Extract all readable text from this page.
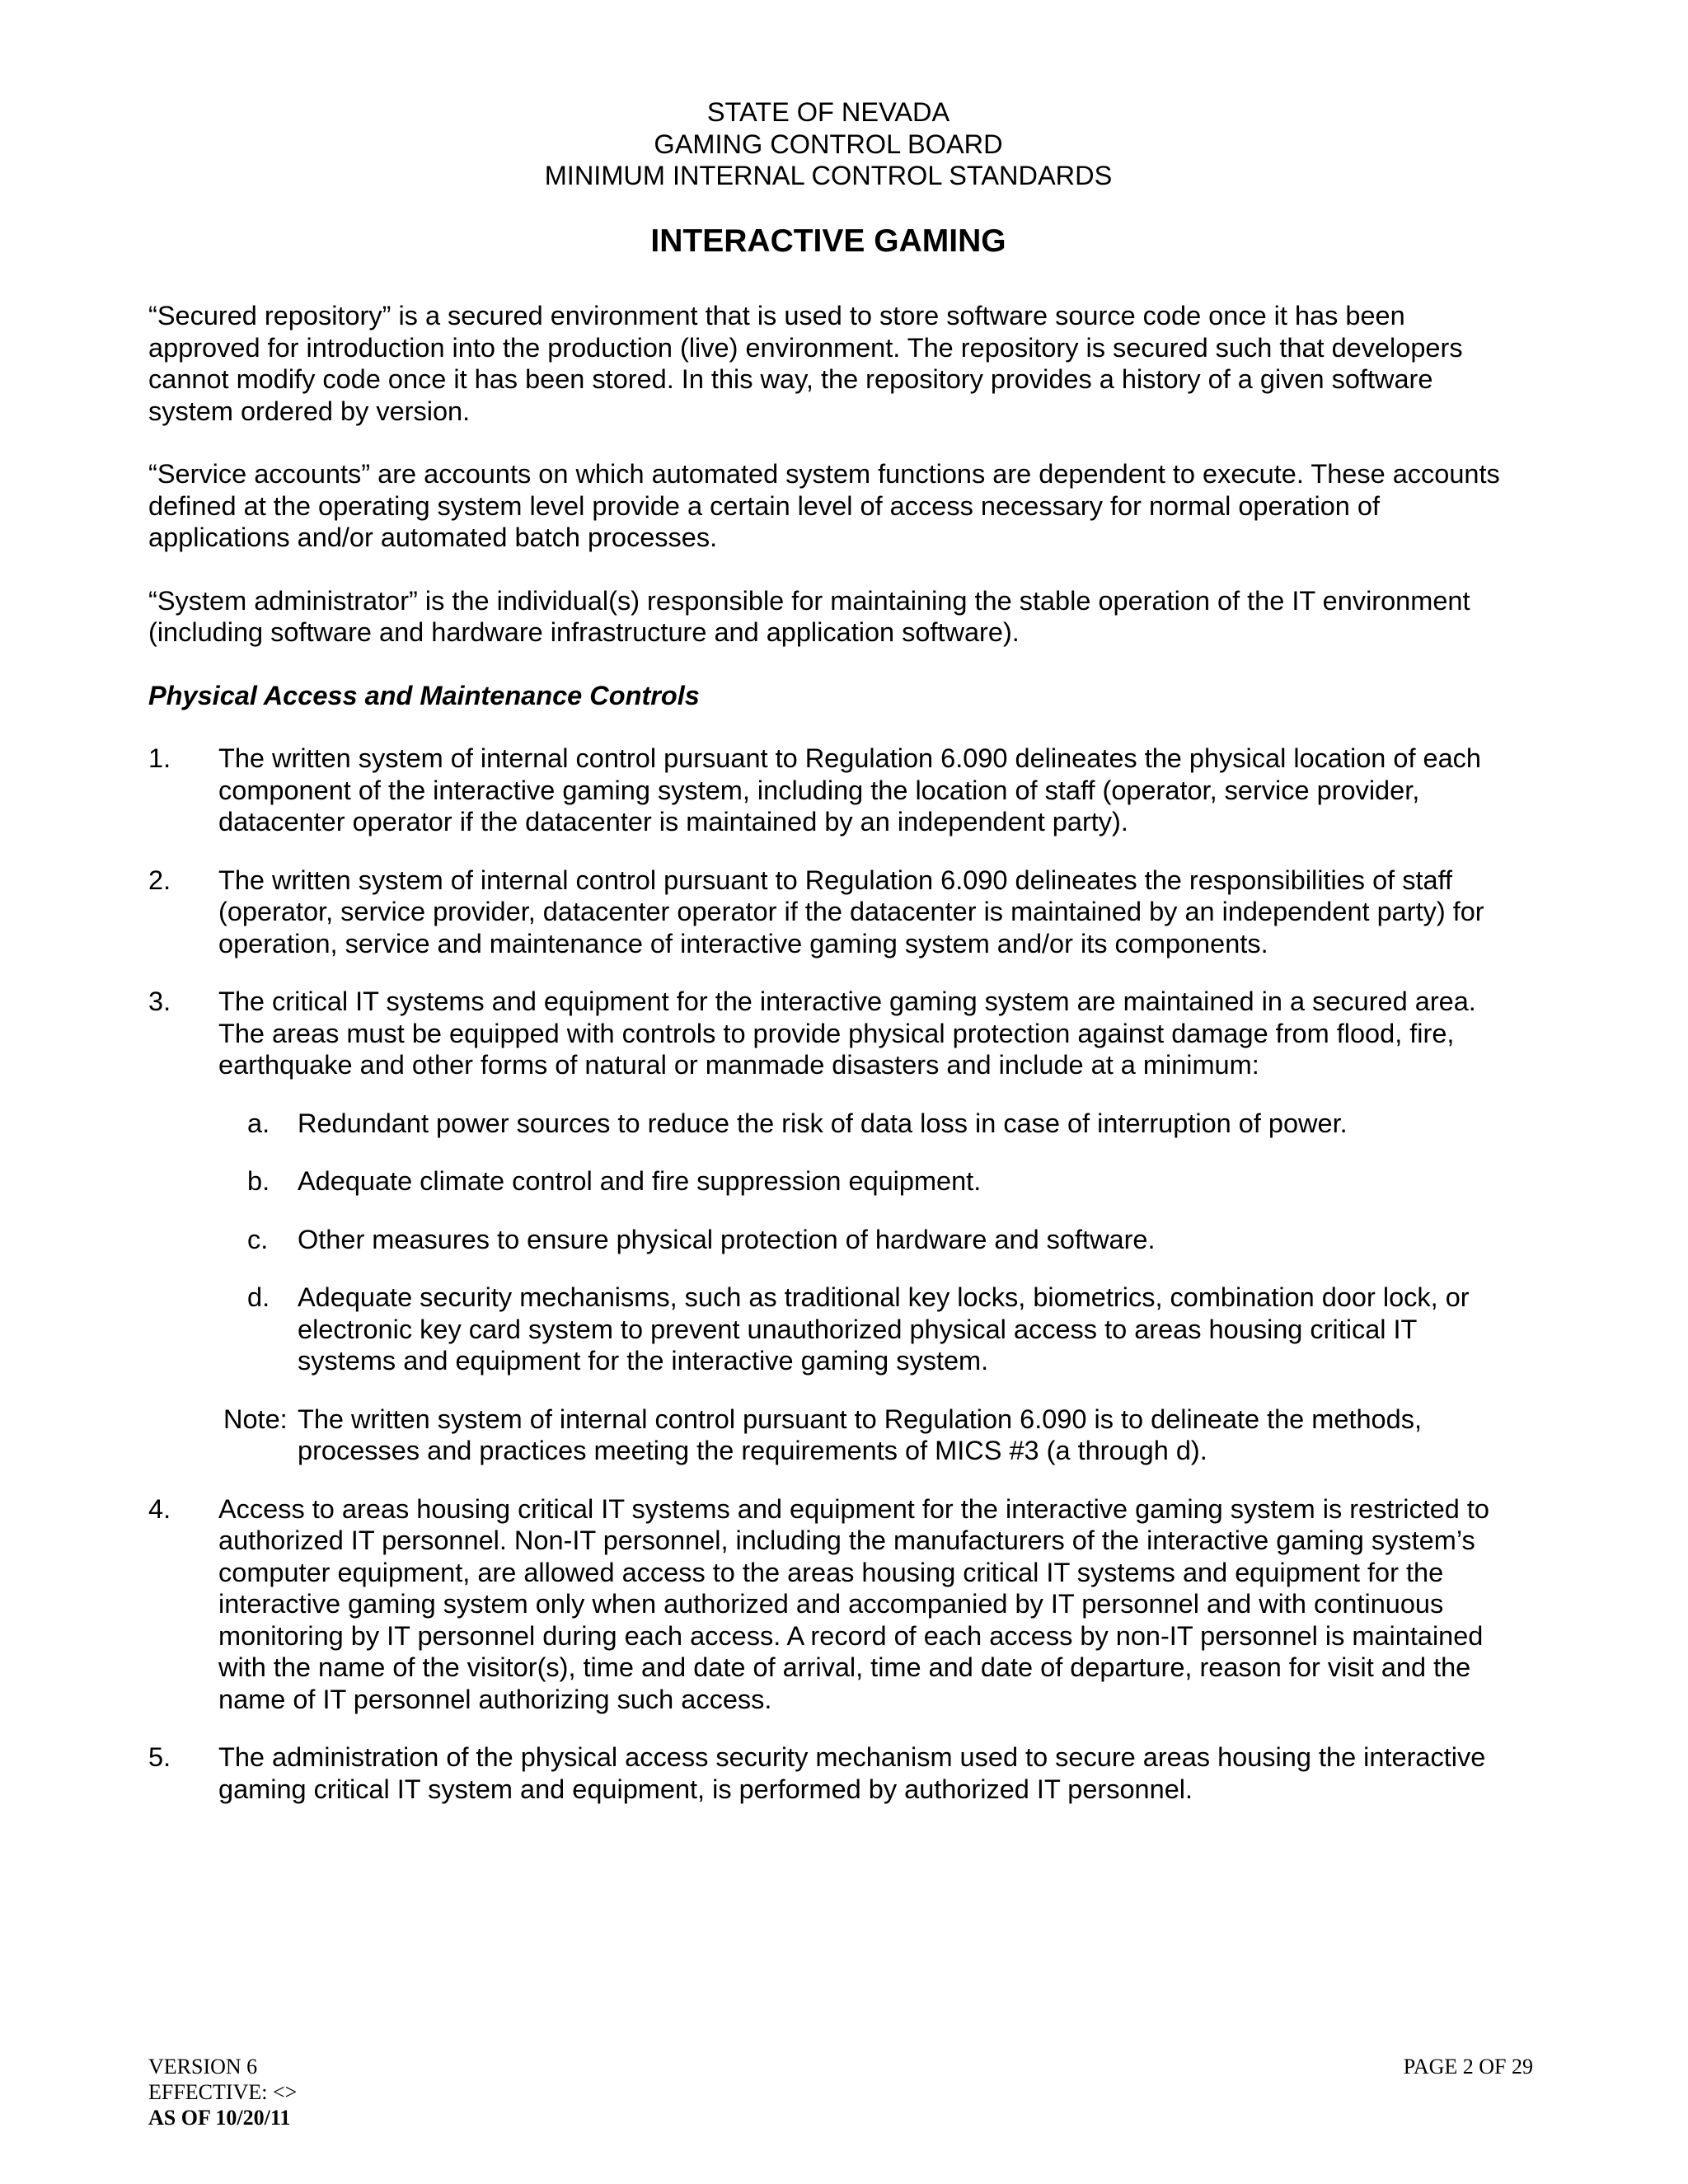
STATE OF NEVADA
GAMING CONTROL BOARD
MINIMUM INTERNAL CONTROL STANDARDS
INTERACTIVE GAMING

“Secured repository” is a secured environment that is used to store software source code once it has been approved for introduction into the production (live) environment. The repository is secured such that developers cannot modify code once it has been stored. In this way, the repository provides a history of a given software system ordered by version.

“Service accounts” are accounts on which automated system functions are dependent to execute. These accounts defined at the operating system level provide a certain level of access necessary for normal operation of applications and/or automated batch processes.

“System administrator” is the individual(s) responsible for maintaining the stable operation of the IT environment (including software and hardware infrastructure and application software).

Physical Access and Maintenance Controls

1. The written system of internal control pursuant to Regulation 6.090 delineates the physical location of each component of the interactive gaming system, including the location of staff (operator, service provider, datacenter operator if the datacenter is maintained by an independent party).
2. The written system of internal control pursuant to Regulation 6.090 delineates the responsibilities of staff (operator, service provider, datacenter operator if the datacenter is maintained by an independent party) for operation, service and maintenance of interactive gaming system and/or its components.
3. The critical IT systems and equipment for the interactive gaming system are maintained in a secured area. The areas must be equipped with controls to provide physical protection against damage from flood, fire, earthquake and other forms of natural or manmade disasters and include at a minimum:
a. Redundant power sources to reduce the risk of data loss in case of interruption of power.
b. Adequate climate control and fire suppression equipment.
c. Other measures to ensure physical protection of hardware and software.
d. Adequate security mechanisms, such as traditional key locks, biometrics, combination door lock, or electronic key card system to prevent unauthorized physical access to areas housing critical IT systems and equipment for the interactive gaming system.
Note: The written system of internal control pursuant to Regulation 6.090 is to delineate the methods, processes and practices meeting the requirements of MICS #3 (a through d).
4. Access to areas housing critical IT systems and equipment for the interactive gaming system is restricted to authorized IT personnel. Non-IT personnel, including the manufacturers of the interactive gaming system’s computer equipment, are allowed access to the areas housing critical IT systems and equipment for the interactive gaming system only when authorized and accompanied by IT personnel and with continuous monitoring by IT personnel during each access. A record of each access by non-IT personnel is maintained with the name of the visitor(s), time and date of arrival, time and date of departure, reason for visit and the name of IT personnel authorizing such access.
5. The administration of the physical access security mechanism used to secure areas housing the interactive gaming critical IT system and equipment, is performed by authorized IT personnel.
VERSION 6
EFFECTIVE: <>
AS OF 10/20/11
PAGE 2 OF 29
